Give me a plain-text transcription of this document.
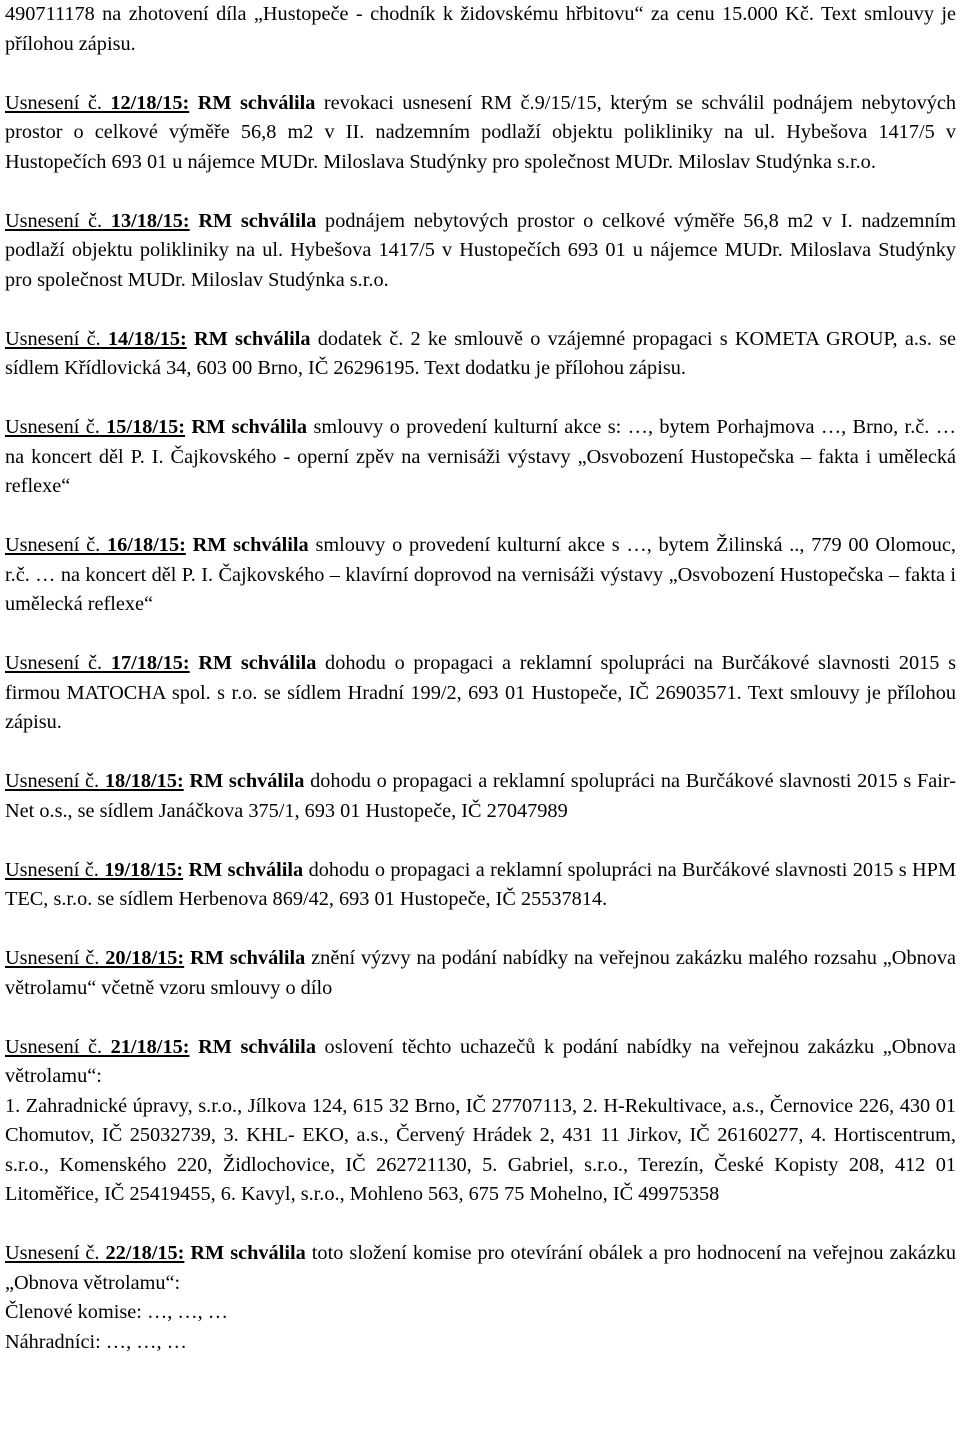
490711178 na zhotovení díla „Hustopeče - chodník k židovskému hřbitovu“ za cenu 15.000 Kč. Text smlouvy je přílohou zápisu.

Usnesení č. 12/18/15: RM schválila revokaci usnesení RM č.9/15/15, kterým se schválil podnájem nebytových prostor o celkové výměře 56,8 m2 v II. nadzemním podlaží objektu polikliniky na ul. Hybešova 1417/5 v Hustopečích 693 01 u nájemce MUDr. Miloslava Studýnky pro společnost MUDr. Miloslav Studýnka s.r.o.

Usnesení č. 13/18/15: RM schválila podnájem nebytových prostor o celkové výměře 56,8 m2 v I. nadzemním podlaží objektu polikliniky na ul. Hybešova 1417/5 v Hustopečích 693 01 u nájemce MUDr. Miloslava Studýnky pro společnost MUDr. Miloslav Studýnka s.r.o.

Usnesení č. 14/18/15: RM schválila dodatek č. 2 ke smlouvě o vzájemné propagaci s KOMETA GROUP, a.s. se sídlem Křídlovická 34, 603 00 Brno, IČ 26296195. Text dodatku je přílohou zápisu.

Usnesení č. 15/18/15: RM schválila smlouvy o provedení kulturní akce s: …, bytem Porhajmova …, Brno, r.č. … na koncert děl P. I. Čajkovského - operní zpěv na vernisáži výstavy „Osvobození Hustopečska – fakta i umělecká reflexe“

Usnesení č. 16/18/15: RM schválila smlouvy o provedení kulturní akce s …, bytem Žilinská .., 779 00 Olomouc, r.č. … na koncert děl P. I. Čajkovského – klavírní doprovod na vernisáži výstavy „Osvobození Hustopečska – fakta i umělecká reflexe“

Usnesení č. 17/18/15: RM schválila dohodu o propagaci a reklamní spolupráci na Burčákové slavnosti 2015 s firmou MATOCHA spol. s r.o. se sídlem Hradní 199/2, 693 01 Hustopeče, IČ 26903571. Text smlouvy je přílohou zápisu.

Usnesení č. 18/18/15: RM schválila dohodu o propagaci a reklamní spolupráci na Burčákové slavnosti 2015 s Fair-Net o.s., se sídlem Janáčkova 375/1, 693 01 Hustopeče, IČ 27047989

Usnesení č. 19/18/15: RM schválila dohodu o propagaci a reklamní spolupráci na Burčákové slavnosti 2015 s HPM TEC, s.r.o. se sídlem Herbenova 869/42, 693 01 Hustopeče, IČ 25537814.

Usnesení č. 20/18/15: RM schválila znění výzvy na podání nabídky na veřejnou zakázku malého rozsahu „Obnova větrolamu“ včetně vzoru smlouvy o dílo

Usnesení č. 21/18/15: RM schválila oslovení těchto uchazečů k podání nabídky na veřejnou zakázku „Obnova větrolamu“:

1. Zahradnické úpravy, s.r.o., Jílkova 124, 615 32 Brno, IČ 27707113, 2. H-Rekultivace, a.s., Černovice 226, 430 01 Chomutov, IČ 25032739, 3. KHL- EKO, a.s., Červený Hrádek 2, 431 11 Jirkov, IČ 26160277, 4. Hortiscentrum, s.r.o., Komenského 220, Židlochovice, IČ 262721130, 5. Gabriel, s.r.o., Terezín, České Kopisty 208, 412 01 Litoměřice, IČ 25419455, 6. Kavyl, s.r.o., Mohleno 563, 675 75 Mohelno, IČ 49975358

Usnesení č. 22/18/15: RM schválila toto složení komise pro otevírání obálek a pro hodnocení na veřejnou zakázku „Obnova větrolamu“:

Členové komise: …, …, …

Náhradníci: …, …, …
